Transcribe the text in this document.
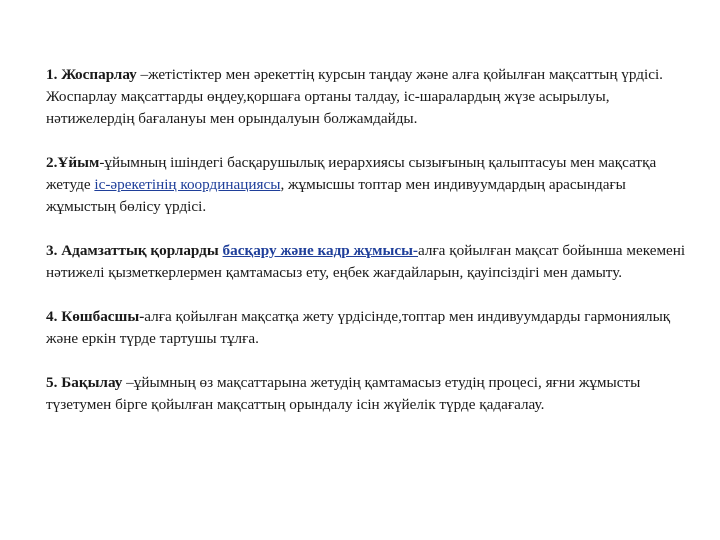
1. Жоспарлау –жетістіктер мен әрекеттің курсын таңдау және алға қойылған мақсаттың үрдісі. Жоспарлау мақсаттарды өңдеу,қоршаға ортаны талдау, іс-шаралардың жүзе асырылуы, нәтижелердің бағалануы мен орындалуын болжамдайды.

2.Ұйым-ұйымның ішіндегі басқарушылық иерархиясы сызығының қалыптасуы мен мақсатқа жетуде іс-әрекетінің координациясы, жұмысшы топтар мен индивуумдардың арасындағы жұмыстың бөлісу үрдісі.

3. Адамзаттық қорларды басқару және кадр жұмысы-алға қойылған мақсат бойынша мекемені нәтижелі қызметкерлермен қамтамасыз ету, еңбек жағдайларын, қауіпсіздігі мен дамыту.

4. Көшбасшы-алға қойылған мақсатқа жету үрдісінде,топтар мен индивуумдарды гармониялық және еркін түрде тартушы тұлға.

5. Бақылау –ұйымның өз мақсаттарына жетудің қамтамасыз етудің процесі, яғни жұмысты түзетумен бірге қойылған мақсаттың орындалу ісін жүйелік түрде қадағалау.
